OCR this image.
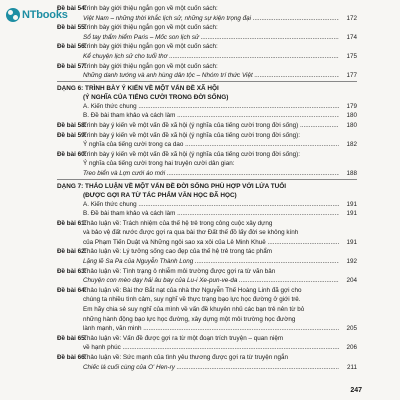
NTbooks
Đề bài 54:
Trình bày giới thiệu ngắn gọn về một cuốn sách:
Việt Nam – những thời khắc lịch sử, những sự kiện trọng đại .....	172
Đề bài 55:
Trình bày giới thiệu ngắn gọn về một cuốn sách:
Sổ tay thẩm hiểm Paris – Mốc son lịch sử .....	174
Đề bài 56:
Trình bày giới thiệu ngắn gọn về một cuốn sách:
Kể chuyện lịch sử cho tuổi thơ .....	175
Đề bài 57:
Trình bày giới thiệu ngắn gọn về một cuốn sách:
Những danh tướng và anh hùng dân tộc – Nhóm trí thức Việt .....	177
DẠNG 6: TRÌNH BÀY Ý KIẾN VỀ MỘT VẤN ĐỀ XÃ HỘI
(Ý NGHĨA CỦA TIẾNG CƯỜI TRONG ĐỜI SỐNG)
A. Kiến thức chung .....	179
B. Đề bài tham khảo và cách làm .....	180
Đề bài 58:
Trình bày ý kiến về một vấn đề xã hội (ý nghĩa của tiếng cười trong đời sống) .....	180
Đề bài 59:
Trình bày ý kiến về một vấn đề xã hội (ý nghĩa của tiếng cười trong đời sống):
Ý nghĩa của tiếng cười trong ca dao .....	182
Đề bài 60:
Trình bày ý kiến về một vấn đề xã hội (ý nghĩa của tiếng cười trong đời sống):
Ý nghĩa của tiếng cười trong hai truyện cười dân gian:
Treo biển và Lợn cưới áo mới .....	188
DẠNG 7: THẢO LUẬN VỀ MỘT VẤN ĐỀ ĐỜI SỐNG PHÙ HỢP VỚI LỨA TUỔI
(ĐƯỢC GỢI RA TỪ TÁC PHẨM VĂN HỌC ĐÃ HỌC)
A. Kiến thức chung .....	191
B. Đề bài tham khảo và cách làm .....	191
Đề bài 61:
Thảo luận về: Trách nhiệm của thế hệ trẻ trong công cuộc xây dựng
và bảo vệ đất nước được gợi ra qua bài thơ Đất thế đồ lấy đời se không kính
của Phạm Tiến Duật và Những ngôi sao xa xôi của Lê Minh Khuê .....	191
Đề bài 62:
Thảo luận về: Lý tưởng sống cao đẹp của thế hệ trẻ trong tác phẩm
Lặng lẽ Sa Pa của Nguyễn Thành Long .....	192
Đề bài 63:
Thảo luận về: Tình trạng ô nhiễm môi trường được gợi ra từ văn bản
Chuyện con mèo dạy hải âu bay của Lu-i Xe-pun-ve-da .....	204
Đề bài 64:
Thảo luận về: Bài thơ Bắt nạt của nhà thơ Nguyễn Thế Hoàng Linh đã gợi cho
chúng ta nhiều tình cảm, suy nghĩ về thực trạng bạo lực học đường ở giới trẻ.
Em hãy chia sẻ suy nghĩ của mình về vấn đề khuyên nhủ các bạn trẻ nên từ bỏ
những hành động bạo lực học đường, xây dựng một môi trường học đường
lành mạnh, văn minh .....	205
Đề bài 65:
Thảo luận về: Vấn đề được gợi ra từ một đoạn trích truyện – quan niệm
về hạnh phúc .....	206
Đề bài 66:
Thảo luận về: Sức mạnh của tình yêu thương được gợi ra từ truyện ngắn
Chiếc lá cuối cùng của O' Hen-ry .....	211
247
